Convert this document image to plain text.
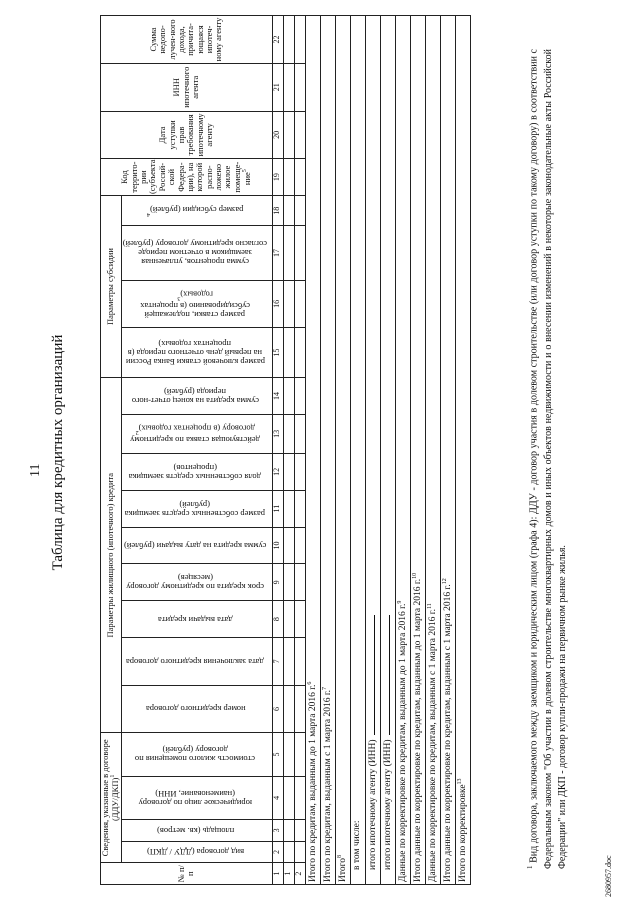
11 Таблица для кредитных организаций
№ п/п	Сведения, указанные в договоре $(ДДУ/ДКП)^1$				Параметры жилищного (ипотечного) кредита									Параметры субсидии				Код террито-рии (субъекта Россий-ской Федера-ции), на которой распо-ложено жилое помеще-ние$^5$	Дата уступки прав требования ипотечному агенту	ИНН ипотечного агента	Сумма недопо-лучен-ного дохода, причита-ющаяся ипотеч-ному агенту
	вид договора (ДДУ / ДКП)	площадь (кв. метров)	юридическое лицо по договору (наименование, ИНН)	стоимость жилого помещения по договору (рублей)	номер кредитного договора	дата заключения кредитного договора	дата выдачи кредита	срок кредита по кредитному договору (месяцев)	сумма кредита на дату выдачи (рублей)	размер собственных средств заемщика (рублей)	доля собственных средств заемщика (процентов)	действующая ставка по кредитному договору (в процентах годовых)$^2$	сумма кредита на конец отчет-ного периода (рублей)	размер ключевой ставки Банка России на первый день отчетного периода (в процентах годовых)	размер ставки, подлежащей субсидированию (в процентах годовых)$^3$	сумма процентов, уплаченная заемщиком в отчетном периоде согласно кредитному договору (рублей)	размер субсидии (рублей)$^4$
1	2	3	4	5	6	7	8	9	10	11	12	13	14	15	16	17	18	19	20	21	22
1																					
2																					
Итого по кредитам, выданным до 1 марта 2016 г.$^6$
Итого по кредитам, выданным с 1 марта 2016 г.$^7$
Итого$^8$
в том числе:																					
итого ипотечному агенту (ИНН)																					
итого ипотечному агенту (ИНН)																					
Данные по корректировке по кредитам, выданным до 1 марта 2016 г.$^9$
Итого данные по корректировке по кредитам, выданным до 1 марта 2016 г.$^{10}$
Данные по корректировке по кредитам, выданным с 1 марта 2016 г.$^{11}$
Итого данные по корректировке по кредитам, выданным с 1 марта 2016 г.$^{12}$
Итого по корректировке$^{13}$
$^1$ Вид договора, заключаемого между заемщиком и юридическим лицом (графа 4): ДДУ - договор участия в долевом строительстве (или договор уступки по такому договору) в соответствии с Федеральным законом "Об участии в долевом строительстве многоквартирных домов и иных объектов недвижимости и о внесении изменений в некоторые законодательные акты Российской Федерации" или ДКП - договор купли-продажи на первичном рынке жилья.
2680957.doc
